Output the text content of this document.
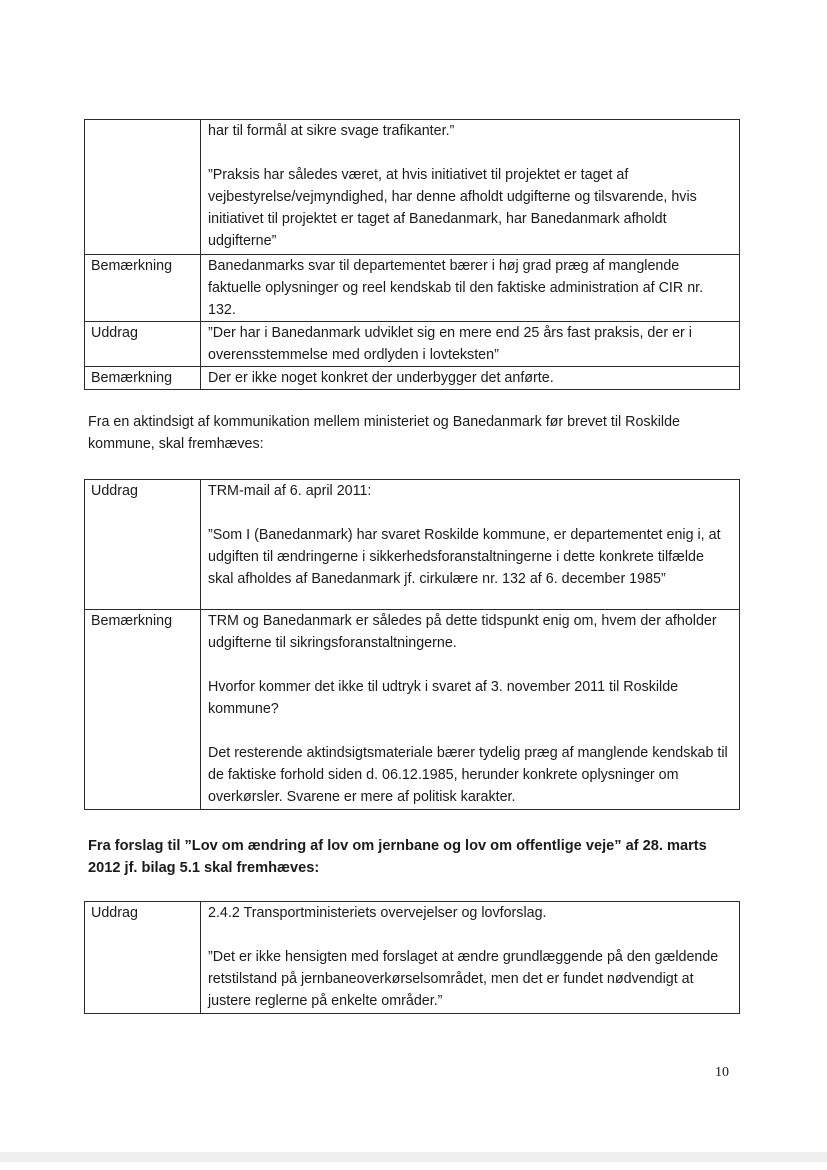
	har til formål at sikre svage trafikanter.”

”Praksis har således været, at hvis initiativet til projektet er taget af vejbestyrelse/vejmyndighed, har denne afholdt udgifterne og tilsvarende, hvis initiativet til projektet er taget af Banedanmark, har Banedanmark afholdt udgifterne”

Bemærkning	Banedanmarks svar til departementet bærer i høj grad præg af manglende faktuelle oplysninger og reel kendskab til den faktiske administration af CIR nr. 132.

Uddrag	”Der har i Banedanmark udviklet sig en mere end 25 års fast praksis, der er i overensstemmelse med ordlyden i lovteksten”

Bemærkning	Der er ikke noget konkret der underbygger det anførte.

Fra en aktindsigt af kommunikation mellem ministeriet og Banedanmark før brevet til Roskilde kommune, skal fremhæves:

Uddrag	TRM-mail af 6. april 2011:

”Som I (Banedanmark) har svaret Roskilde kommune, er departementet enig i, at udgiften til ændringerne i sikkerhedsforanstaltningerne i dette konkrete tilfælde skal afholdes af Banedanmark jf. cirkulære nr. 132 af 6. december 1985”

Bemærkning	TRM og Banedanmark er således på dette tidspunkt enig om, hvem der afholder udgifterne til sikringsforanstaltningerne.

Hvorfor kommer det ikke til udtryk i svaret af 3. november 2011 til Roskilde kommune?

Det resterende aktindsigtsmateriale bærer tydelig præg af manglende kendskab til de faktiske forhold siden d. 06.12.1985, herunder konkrete oplysninger om overkørsler. Svarene er mere af politisk karakter.

Fra forslag til ”Lov om ændring af lov om jernbane og lov om offentlige veje” af 28. marts 2012 jf. bilag 5.1 skal fremhæves:

Uddrag	2.4.2 Transportministeriets overvejelser og lovforslag.

”Det er ikke hensigten med forslaget at ændre grundlæggende på den gældende retstilstand på jernbaneoverkørselsområdet, men det er fundet nødvendigt at justere reglerne på enkelte områder.”

10
